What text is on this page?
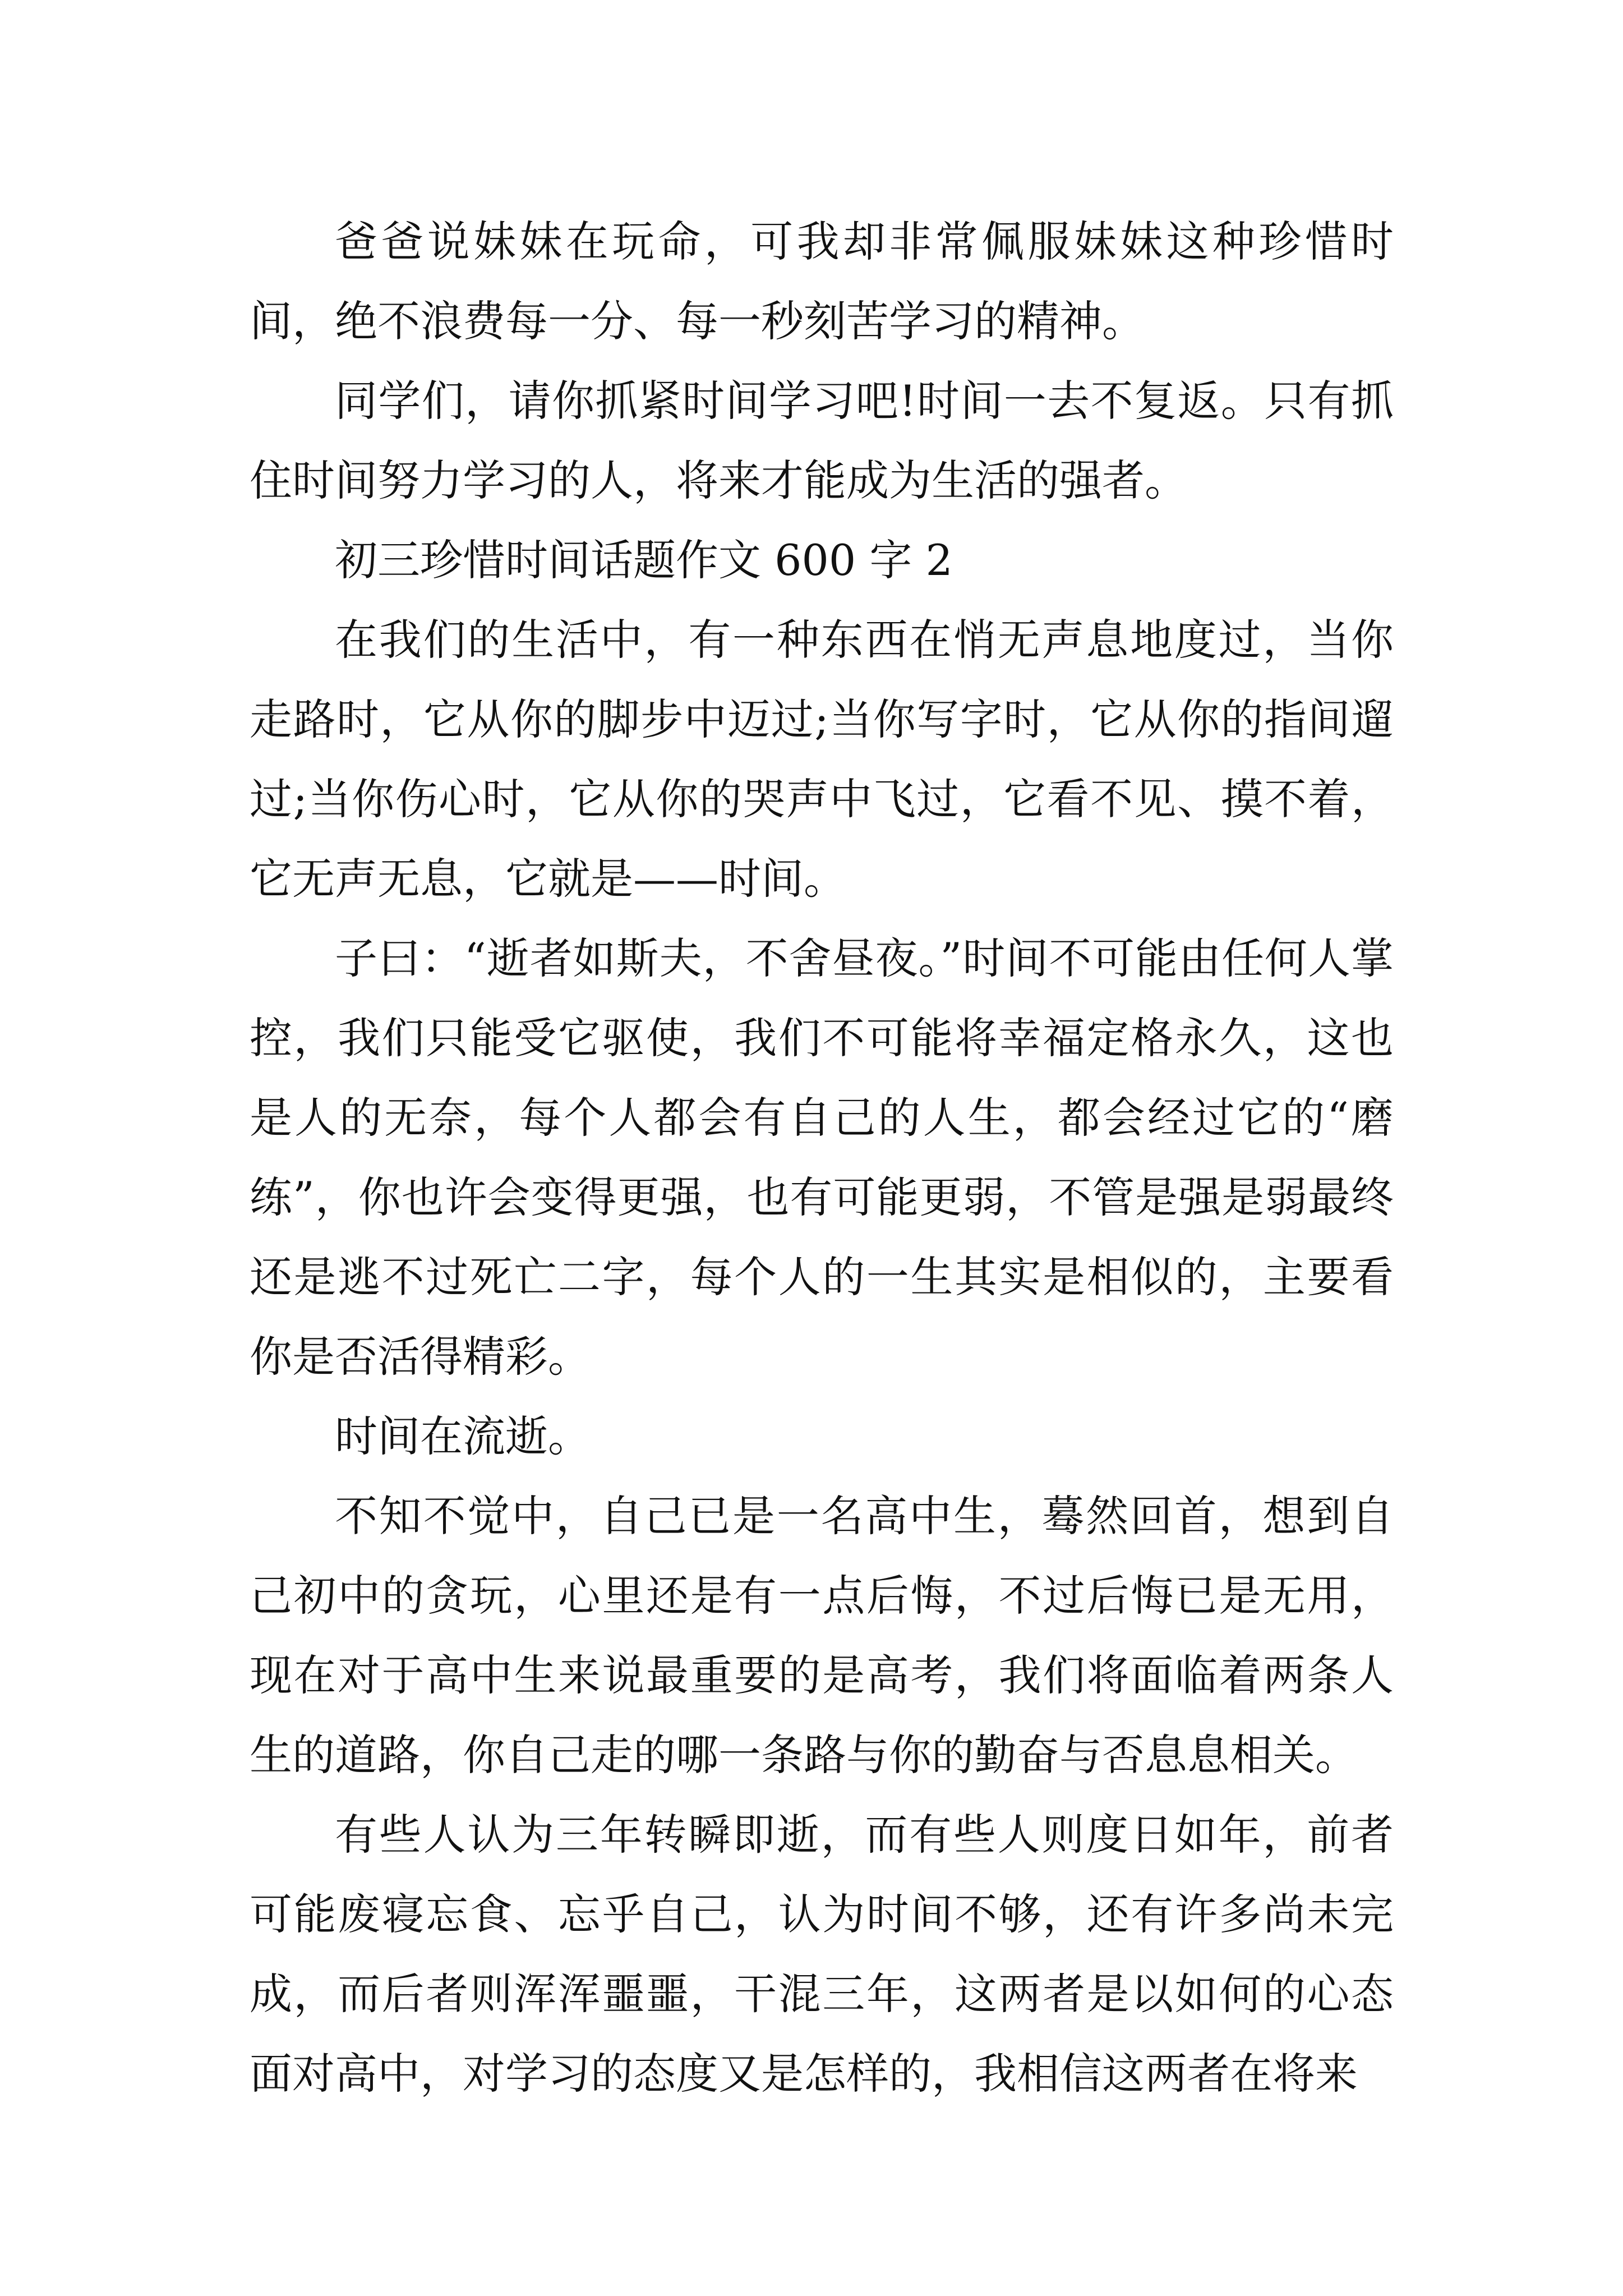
爸爸说妹妹在玩命，可我却非常佩服妹妹这种珍惜时间，绝不浪费每一分、每一秒刻苦学习的精神。

同学们，请你抓紧时间学习吧!时间一去不复返。只有抓住时间努力学习的人，将来才能成为生活的强者。

初三珍惜时间话题作文 600 字 2

在我们的生活中，有一种东西在悄无声息地度过，当你走路时，它从你的脚步中迈过;当你写字时，它从你的指间遛过;当你伤心时，它从你的哭声中飞过，它看不见、摸不着，它无声无息，它就是——时间。

子曰：“逝者如斯夫，不舍昼夜。”时间不可能由任何人掌控，我们只能受它驱使，我们不可能将幸福定格永久，这也是人的无奈，每个人都会有自己的人生，都会经过它的“磨练”，你也许会变得更强，也有可能更弱，不管是强是弱最终还是逃不过死亡二字，每个人的一生其实是相似的，主要看你是否活得精彩。

时间在流逝。

不知不觉中，自己已是一名高中生，蓦然回首，想到自己初中的贪玩，心里还是有一点后悔，不过后悔已是无用，现在对于高中生来说最重要的是高考，我们将面临着两条人生的道路，你自己走的哪一条路与你的勤奋与否息息相关。

有些人认为三年转瞬即逝，而有些人则度日如年，前者可能废寝忘食、忘乎自己，认为时间不够，还有许多尚未完成，而后者则浑浑噩噩，干混三年，这两者是以如何的心态面对高中，对学习的态度又是怎样的，我相信这两者在将来
